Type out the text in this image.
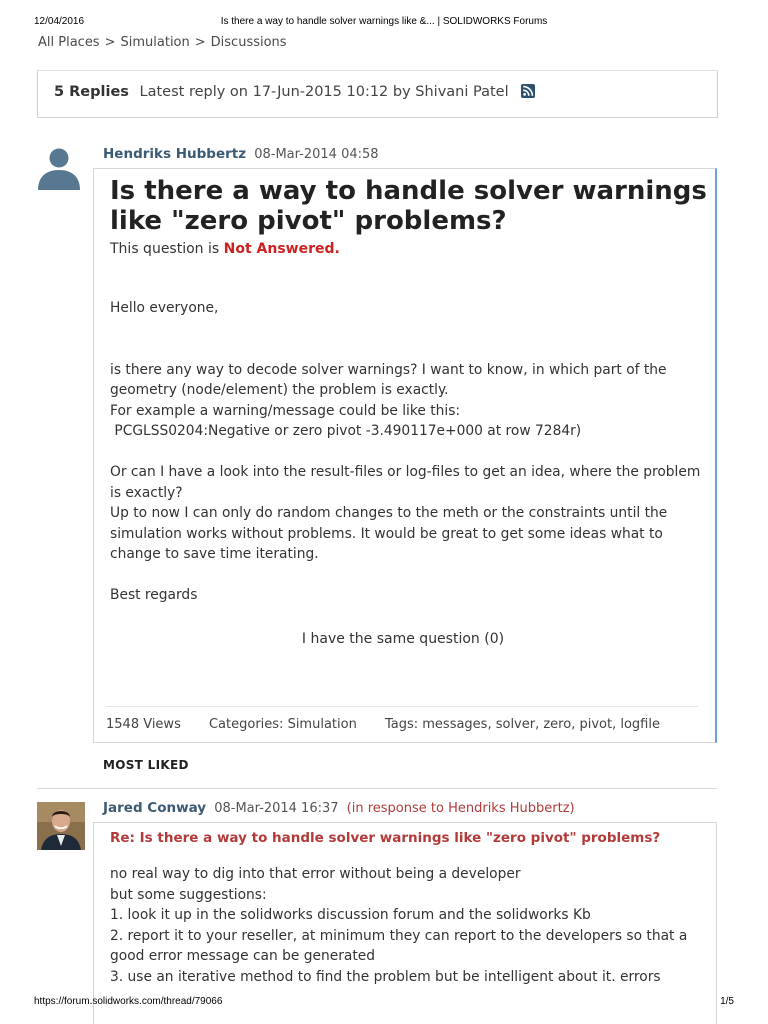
12/04/2016	Is there a way to handle solver warnings like &... | SOLIDWORKS Forums
All Places > Simulation > Discussions
5 Replies Latest reply on 17-Jun-2015 10:12 by Shivani Patel
Hendriks Hubbertz 08-Mar-2014 04:58
Is there a way to handle solver warnings like "zero pivot" problems?
This question is Not Answered.

Hello everyone,

is there any way to decode solver warnings? I want to know, in which part of the geometry (node/element) the problem is exactly.

For example a warning/message could be like this:

PCGLSS0204:Negative or zero pivot -3.490117e+000 at row 7284r)

Or can I have a look into the result-files or log-files to get an idea, where the problem is exactly?

Up to now I can only do random changes to the meth or the constraints until the simulation works without problems. It would be great to get some ideas what to change to save time iterating.

Best regards

I have the same question (0)
1548 Views Categories: Simulation Tags: messages, solver, zero, pivot, logfile
MOST LIKED
Jared Conway 08-Mar-2014 16:37 (in response to Hendriks Hubbertz)
Re: Is there a way to handle solver warnings like "zero pivot" problems?

no real way to dig into that error without being a developer

but some suggestions:

1. look it up in the solidworks discussion forum and the solidworks Kb

2. report it to your reseller, at minimum they can report to the developers so that a good error message can be generated

3. use an iterative method to find the problem but be intelligent about it. errors

https://forum.solidworks.com/thread/79066	1/5
